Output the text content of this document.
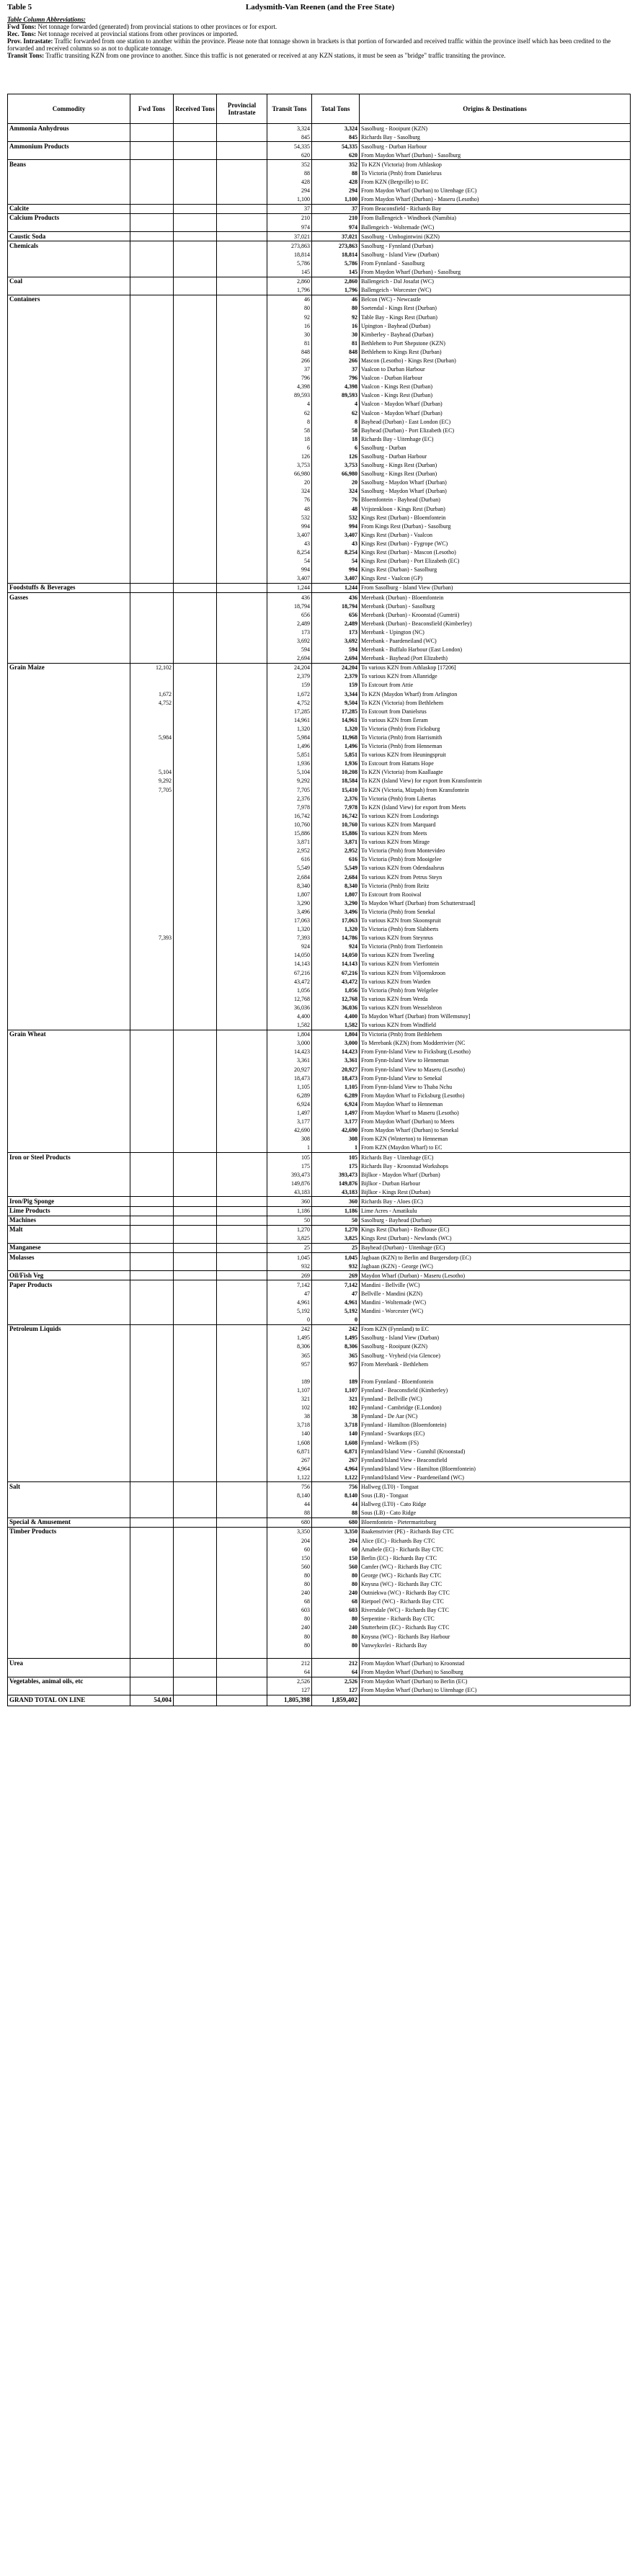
Table 5	Ladysmith-Van Reenen (and the Free State)
Table Column Abbreviations:
Fwd Tons: Net tonnage forwarded (generated) from provincial stations to other provinces or for export.
Rec. Tons: Net tonnage received at provincial stations from other provinces or imported.
Prov. Intrastate: Traffic forwarded from one station to another within the province. Please note that tonnage shown in brackets is that portion of forwarded and received traffic within the province itself which has been credited to the forwarded and received columns so as not to duplicate tonnage.
Transit Tons: Traffic transiting KZN from one province to another. Since this traffic is not generated or received at any KZN stations, it must be seen as "bridge" traffic transiting the province.
Commodity	Fwd Tons	Received Tons	Provincial Intrastate	Transit Tons	Total Tons	Origins & Destinations
Ammonia Anhydrous				3,324	3,324	Sasolburg - Rooipunt (KZN)
				845	845	Richards Bay - Sasolburg
Ammonium Products				54,335	54,335	Sasolburg - Durban Harbour
				620	620	From Maydon Wharf (Durban) - Sasolburg
Beans				352	352	To KZN (Victoria) from Athlaskop
				88	88	To Victoria (Pmb) from Danielsrus
				428	428	From KZN (Bergville) to EC
				294	294	From Maydon Wharf (Durban) to Uitenhage (EC)
				1,100	1,100	From Maydon Wharf (Durban) - Maseru (Lesotho)
Calcite				37	37	From Beaconsfield - Richards Bay
Calcium Products				210	210	From Ballengeich - Windhoek (Namibia)
				974	974	Ballengeich - Woltemade (WC)
Caustic Soda				37,021	37,021	Sasolburg - Umbogintwini (KZN)
Chemicals				273,863	273,863	Sasolburg - Fynnland (Durban)
				18,814	18,814	Sasolburg - Island View (Durban)
				5,786	5,786	From Fynnland - Sasolburg
				145	145	From Maydon Wharf (Durban) - Sasolburg
Coal				2,860	2,860	Ballengeich - Dal Josafat (WC)
				1,796	1,796	Ballengeich - Worcester (WC)
Containers				46	46	Belcon (WC) - Newcastle
				80	80	Soetendal - Kings Rest (Durban)
				92	92	Table Bay - Kings Rest (Durban)
				16	16	Upington - Bayhead (Durban)
				30	30	Kimberley - Bayhead (Durban)
				81	81	Bethlehem to Port Shepstone (KZN)
				848	848	Bethlehem to Kings Rest (Durban)
				266	266	Mascon (Lesotho) - Kings Rest (Durban)
				37	37	Vaalcon to Durban Harbour
				796	796	Vaalcon - Durban Harbour
				4,398	4,398	Vaalcon - Kings Rest (Durban)
				89,593	89,593	Vaalcon - Kings Rest (Durban)
				4	4	Vaalcon - Maydon Wharf (Durban)
				62	62	Vaalcon - Maydon Wharf (Durban)
				8	8	Bayhead (Durban) - East London (EC)
				58	58	Bayhead (Durban) - Port Elizabeth (EC)
				18	18	Richards Bay - Uitenhage (EC)
				6	6	Sasolburg - Durban
				126	126	Sasolburg - Durban Harbour
				3,753	3,753	Sasolburg - Kings Rest (Durban)
				66,980	66,980	Sasolburg - Kings Rest (Durban)
				20	20	Sasolburg - Maydon Wharf (Durban)
				324	324	Sasolburg - Maydon Wharf (Durban)
				76	76	Bloemfontein - Bayhead (Durban)
				48	48	Vrijstenkloon - Kings Rest (Durban)
				532	532	Kings Rest (Durban) - Bloemfontein
				994	994	From Kings Rest (Durban) - Sasolburg
				3,407	3,407	Kings Rest (Durban) - Vaalcon
				43	43	Kings Rest (Durban) - Fygrope (WC)
				8,254	8,254	Kings Rest (Durban) - Mascon (Lesotho)
				54	54	Kings Rest (Durban) - Port Elizabeth (EC)
				994	994	Kings Rest (Durban) - Sasolburg
				3,407	3,407	Kings Rest - Vaalcon (GP)
Foodstuffs & Beverages				1,244	1,244	From Sasolburg - Island View (Durban)
Gasses				436	436	Merebank (Durban) - Bloemfontein
				18,794	18,794	Merebank (Durban) - Sasolburg
				656	656	Merebank (Durban) - Kroonstad (Gumtrii)
				2,489	2,489	Merebank (Durban) - Beaconsfield (Kimberley)
				173	173	Merebank - Upington (NC)
				3,692	3,692	Merebank - Paardeneiland (WC)
				594	594	Merebank - Buffalo Harbour (East London)
				2,694	2,694	Merebank - Bayhead (Port Elizabeth)
Grain Maize	12,102			24,204	24,204	To various KZN from Athlaskop [17206]
				2,379	2,379	To various KZN from Allanridge
				159	159	To Estcourt from Attie
	1,672			1,672	3,344	To KZN (Maydon Wharf) from Arlington
	4,752			4,752	9,504	To KZN (Victoria) from Bethlehem
				17,285	17,285	To Estcourt from Danielsrus
				14,961	14,961	To various KZN from Eeram
				1,320	1,320	To Victoria (Pmb) from Ficksburg
	5,984			5,984	11,968	To Victoria (Pmb) from Harrismith
				1,496	1,496	To Victoria (Pmb) from Henneman
				5,851	5,851	To various KZN from Heuningspruit
				1,936	1,936	To Estcourt from Hattatts Hope
	5,104			5,104	10,208	To KZN (Victoria) from Kaallaagte
	9,292			9,292	18,584	To KZN (Island View) for export from Kransfontein
	7,705			7,705	15,410	To KZN (Victoria, Mizpah) from Kransfontein
				2,376	2,376	To Victoria (Pmb) from Libertas
				7,978	7,978	To KZN (Island View) for export from Meets
				16,742	16,742	To various KZN from Losdorings
				10,760	10,760	To various KZN from Marquard
				15,886	15,886	To various KZN from Meets
				3,871	3,871	To various KZN from Mirage
				2,952	2,952	To Victoria (Pmb) from Montevideo
				616	616	To Victoria (Pmb) from Mooigelee
				5,549	5,549	To various KZN from Odendaalsrus
				2,684	2,684	To various KZN from Petrus Steyn
				8,340	8,340	To Victoria (Pmb) from Reitz
				1,807	1,807	To Estcourt from Rooiwal
				3,290	3,290	To Maydon Wharf (Durban) from Schutterstraad]
				3,496	3,496	To Victoria (Pmb) from Senekal
				17,063	17,063	To various KZN from Skoonspruit
				1,320	1,320	To Victoria (Pmb) from Slabberts
	7,393			7,393	14,786	To various KZN from Steynrus
				924	924	To Victoria (Pmb) from Tierfontein
				14,050	14,050	To various KZN from Tweeling
				14,143	14,143	To various KZN from Vierfontein
				67,216	67,216	To various KZN from Viljoenskroon
				43,472	43,472	To various KZN from Warden
				1,056	1,056	To Victoria (Pmb) from Welgelee
				12,768	12,768	To various KZN from Werda
				36,036	36,036	To various KZN from Wesselsbron
				4,400	4,400	To Maydon Wharf (Durban) from Willemsnuy]
				1,582	1,582	To various KZN from Windfield
Grain Wheat				1,804	1,804	To Victoria (Pmb) from Bethlehem
				3,000	3,000	To Merebank (KZN) from Modderrivier (NC
				14,423	14,423	From Fynn-Island View to Ficksburg (Lesotho)
				3,361	3,361	From Fynn-Island View to Henneman
				20,927	20,927	From Fynn-Island View to Maseru (Lesotho)
				18,473	18,473	From Fynn-Island View to Senekal
				1,105	1,105	From Fynn-Island View to Thaba Nchu
				6,289	6,289	From Maydon Wharf to Ficksburg (Lesotho)
				6,924	6,924	From Maydon Wharf to Henneman
				1,497	1,497	From Maydon Wharf to Maseru (Lesotho)
				3,177	3,177	From Maydon Wharf (Durban) to Meets
				42,690	42,690	From Maydon Wharf (Durban) to Senekal
				308	308	From KZN (Winterton) to Henneman
				1	1	From KZN (Maydon Wharf) to EC
Iron or Steel Products				105	105	Richards Bay - Uitenhage (EC)
				175	175	Richards Bay - Kroonstad Workshops
				393,473	393,473	Bijlkor - Maydon Wharf (Durban)
				149,876	149,876	Bijlkor - Durban Harbour
				43,183	43,183	Bijlkor - Kings Rest (Durban)
Iron/Pig Sponge				360	360	Richards Bay - Aloes (EC)
Lime Products				1,186	1,186	Lime Acres - Amatikulu
Machines				50	50	Sasolburg - Bayhead (Durban)
Malt				1,270	1,270	Kings Rest (Durban) - Redhouse (EC)
				3,825	3,825	Kings Rest (Durban) - Newlands (WC)
Manganese				25	25	Bayhead (Durban) - Uitenhage (EC)
Molasses				1,045	1,045	Jagbaan (KZN) to Berlin and Burgersdorp (EC)
				932	932	Jagbaan (KZN) - George (WC)
Oil/Fish Veg				269	269	Maydon Wharf (Durban) - Maseru (Lesotho)
Paper Products				7,142	7,142	Mandini - Bellville (WC)
				47	47	Bellville - Mandini (KZN)
				4,961	4,961	Mandini - Woltemade (WC)
				5,192	5,192	Mandini - Worcester (WC)
				0	0	
Petroleum Liquids				242	242	From KZN (Fynnland) to EC
				1,495	1,495	Sasolburg - Island View (Durban)
				8,306	8,306	Sasolburg - Rooipunt (KZN)
				365	365	Sasolburg - Vryheid (via Glencoe)
				957	957	From Merebank - Bethlehem

				189	189	From Fynnland - Bloemfontein
				1,107	1,107	Fynnland - Beaconsfield (Kimberley)
				321	321	Fynnland - Bellville (WC)
				102	102	Fynnland - Cambridge (E.London)
				38	38	Fynnland - De Aar (NC)
				3,718	3,718	Fynnland - Hamilton (Bloemfontein)
				140	140	Fynnland - Swartkops (EC)
				1,608	1,608	Fynnland - Welkom (FS)
				6,871	6,871	Fynnland/Island View - Gunnhil (Kroonstad)
				267	267	Fynnland/Island View - Beaconsfield
				4,964	4,964	Fynnland/Island View - Hamilton (Bloemfontein)
				1,122	1,122	Fynnland/Island View - Paardeneiland (WC)
Salt				756	756	Hallweg (LT0) - Tongaat
				8,140	8,140	Sous (LB) - Tongaat
				44	44	Hallweg (LT0) - Cato Ridge
				88	88	Sous (LB) - Cato Ridge
Special & Amusement				680	680	Bloemfontein - Pietermaritzburg
Timber Products				3,350	3,350	Baakensrivier (PE) - Richards Bay CTC
				204	204	Alice (EC) - Richards Bay CTC
				60	60	Amabele (EC) - Richards Bay CTC
				150	150	Berlin (EC) - Richards Bay CTC
				560	560	Camfer (WC) - Richards Bay CTC
				80	80	George (WC) - Richards Bay CTC
				80	80	Knysna (WC) - Richards Bay CTC
				240	240	Outniekwa (WC) - Richards Bay CTC
				68	68	Rietpoel (WC) - Richards Bay CTC
				603	603	Riversdale (WC) - Richards Bay CTC
				80	80	Serpentine - Richards Bay CTC
				240	240	Stutterheim (EC) - Richards Bay CTC
				80	80	Knysna (WC) - Richards Bay Harbour
				80	80	Vanwyksvlei - Richards Bay

Urea				212	212	From Maydon Wharf (Durban) to Kroonstad
				64	64	From Maydon Wharf (Durban) to Sasolburg
Vegetables, animal oils, etc				2,526	2,526	From Maydon Wharf (Durban) to Berlin (EC)
				127	127	From Maydon Wharf (Durban) to Uitenhage (EC)
GRAND TOTAL ON LINE	54,004			1,805,398	1,859,402	
